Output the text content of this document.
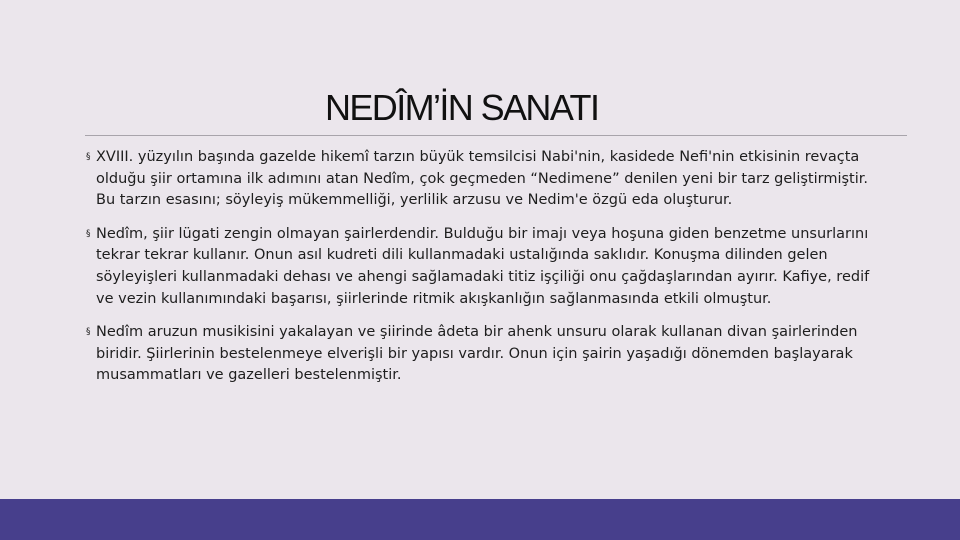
NEDÎM’İN SANATI
§ XVIII. yüzyılın başında gazelde hikemî tarzın büyük temsilcisi Nabi'nin, kasidede Nefi'nin etkisinin revaçta olduğu şiir ortamına ilk adımını atan Nedîm, çok geçmeden “Nedimene” denilen yeni bir tarz geliştirmiştir. Bu tarzın esasını; söyleyiş mükemmelliği, yerlilik arzusu ve Nedim'e özgü eda oluşturur.
§ Nedîm, şiir lügati zengin olmayan şairlerdendir. Bulduğu bir imajı veya hoşuna giden benzetme unsurlarını tekrar tekrar kullanır. Onun asıl kudreti dili kullanmadaki ustalığında saklıdır. Konuşma dilinden gelen söyleyişleri kullanmadaki dehası ve ahengi sağlamadaki titiz işçiliği onu çağdaşlarından ayırır. Kafiye, redif ve vezin kullanımındaki başarısı, şiirlerinde ritmik akışkanlığın sağlanmasında etkili olmuştur.
§ Nedîm aruzun musikisini yakalayan ve şiirinde âdeta bir ahenk unsuru olarak kullanan divan şairlerinden biridir. Şiirlerinin bestelenmeye elverişli bir yapısı vardır. Onun için şairin yaşadığı dönemden başlayarak musammatları ve gazelleri bestelenmiştir.
